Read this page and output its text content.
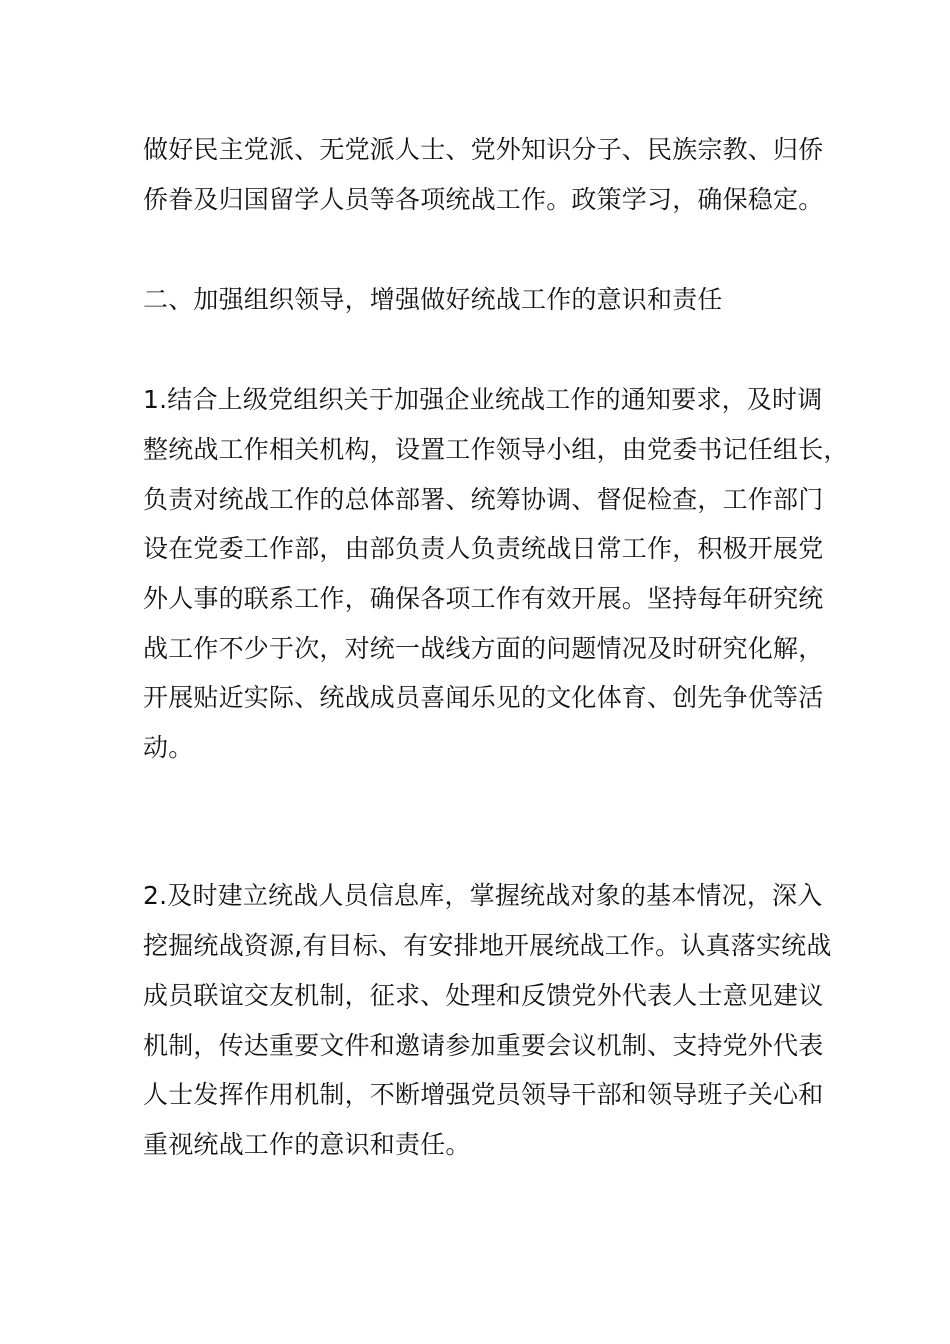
做好民主党派、无党派人士、党外知识分子、民族宗教、归侨
侨眷及归国留学人员等各项统战工作。政策学习，确保稳定。
二、加强组织领导，增强做好统战工作的意识和责任
1.结合上级党组织关于加强企业统战工作的通知要求，及时调
整统战工作相关机构，设置工作领导小组，由党委书记任组长，
负责对统战工作的总体部署、统筹协调、督促检查，工作部门
设在党委工作部，由部负责人负责统战日常工作，积极开展党
外人事的联系工作，确保各项工作有效开展。坚持每年研究统
战工作不少于次，对统一战线方面的问题情况及时研究化解，
开展贴近实际、统战成员喜闻乐见的文化体育、创先争优等活
动。
2.及时建立统战人员信息库，掌握统战对象的基本情况，深入
挖掘统战资源,有目标、有安排地开展统战工作。认真落实统战
成员联谊交友机制，征求、处理和反馈党外代表人士意见建议
机制，传达重要文件和邀请参加重要会议机制、支持党外代表
人士发挥作用机制，不断增强党员领导干部和领导班子关心和
重视统战工作的意识和责任。
